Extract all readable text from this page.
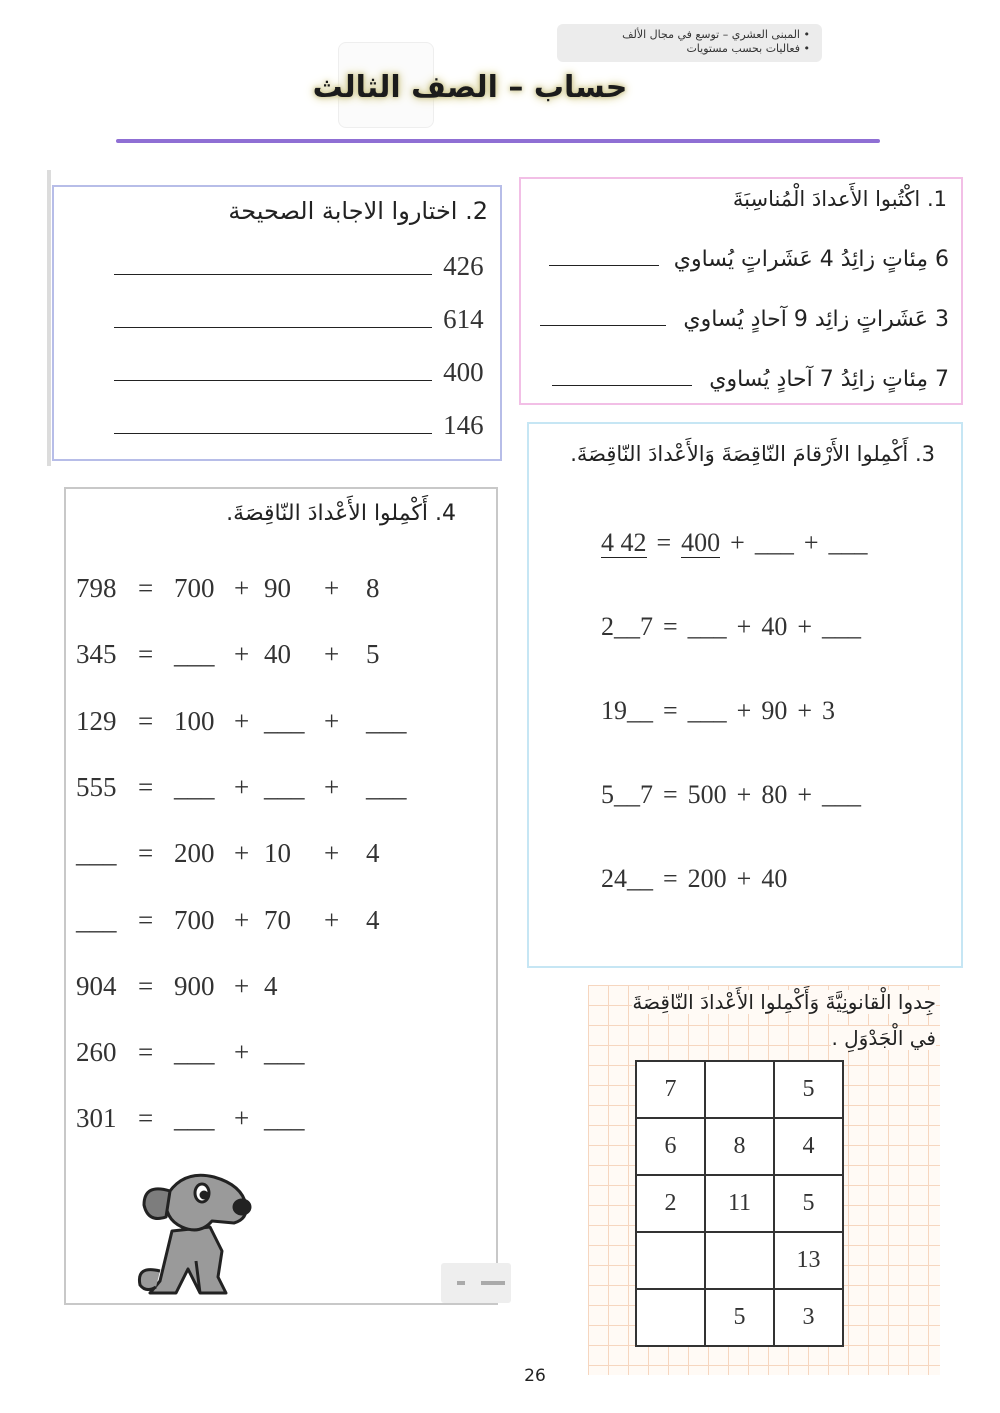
• المبنى العشري – توسع في مجال الألف
• فعاليات بحسب مستويات
حساب – الصف الثالث
1. اكْتُبوا الأَعدادَ الْمُناسِبَةَ
6 مِئاتٍ زائِدُ 4 عَشَراتٍ يُساوي
3 عَشَراتٍ زائِد 9 آحادٍ يُساوي
7 مِئاتٍ زائِدُ 7 آحادٍ يُساوي
2. اختاروا الاجابة الصحيحة
426
614
400
146
3. أَكْمِلوا الأَرْقامَ النّاقِصَةَ وَالأَعْدادَ النّاقِصَةَ.
4 42 = 400 + ___ + ___
2__7 = ___ + 40 + ___
19__ = ___ + 90 + 3
5__7 = 500 + 80 + ___
24__ = 200 + 40
4. أَكْمِلوا الأَعْدادَ النّاقِصَةَ.
798 = 700 + 90 + 8
345 = ___ + 40 + 5
129 = 100 + ___ + ___
555 = ___ + ___ + ___
___ = 200 + 10 + 4
___ = 700 + 70 + 4
904 = 900 + 4
260 = ___ + ___
301 = ___ + ___
جِدوا الْقانونِيَّةَ وَأَكْمِلوا الأَعْدادَ النّاقِصَةَ
في الْجَدْوَلِ .
7		5
6	8	4
2	11	5
		13
	5	3
26
